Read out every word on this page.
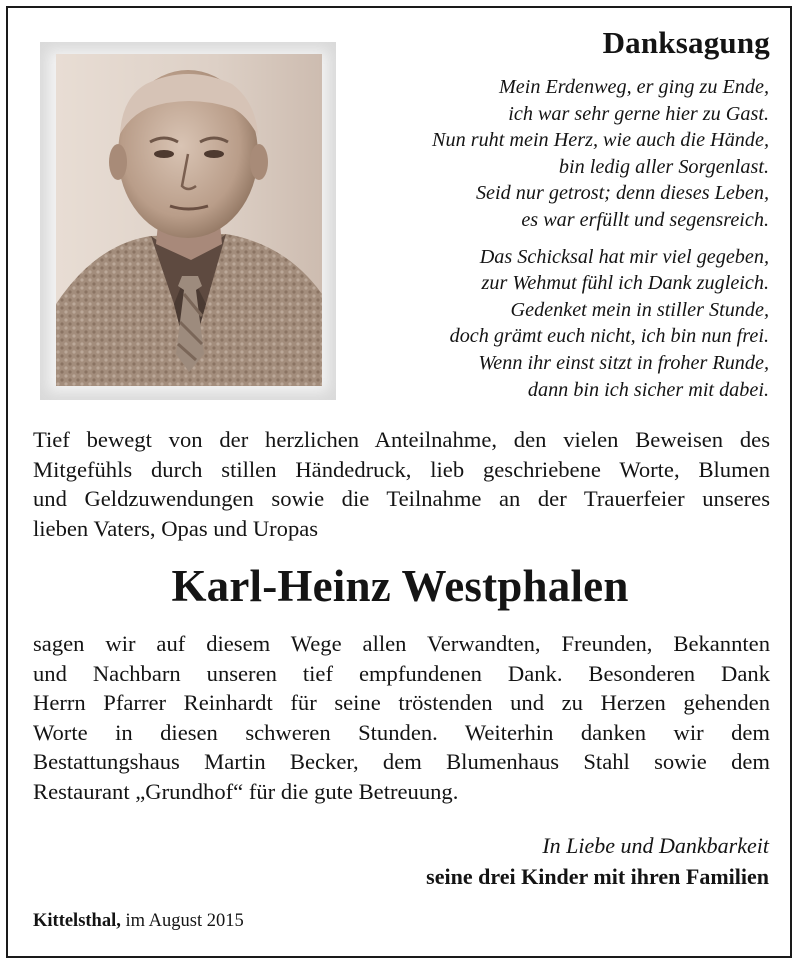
Danksagung
Mein Erdenweg, er ging zu Ende,
ich war sehr gerne hier zu Gast.
Nun ruht mein Herz, wie auch die Hände,
bin ledig aller Sorgenlast.
Seid nur getrost; denn dieses Leben,
es war erfüllt und segensreich.
Das Schicksal hat mir viel gegeben,
zur Wehmut fühl ich Dank zugleich.
Gedenket mein in stiller Stunde,
doch grämt euch nicht, ich bin nun frei.
Wenn ihr einst sitzt in froher Runde,
dann bin ich sicher mit dabei.
Tief bewegt von der herzlichen Anteilnahme, den vielen Beweisen des
Mitgefühls durch stillen Händedruck, lieb geschriebene Worte, Blumen
und Geldzuwendungen sowie die Teilnahme an der Trauerfeier unseres
lieben Vaters, Opas und Uropas
Karl-Heinz Westphalen
sagen wir auf diesem Wege allen Verwandten, Freunden, Bekannten
und Nachbarn unseren tief empfundenen Dank. Besonderen Dank
Herrn Pfarrer Reinhardt für seine tröstenden und zu Herzen gehenden
Worte in diesen schweren Stunden. Weiterhin danken wir dem
Bestattungshaus Martin Becker, dem Blumenhaus Stahl sowie dem
Restaurant „Grundhof“ für die gute Betreuung.
In Liebe und Dankbarkeit
seine drei Kinder mit ihren Familien
Kittelsthal, im August 2015
